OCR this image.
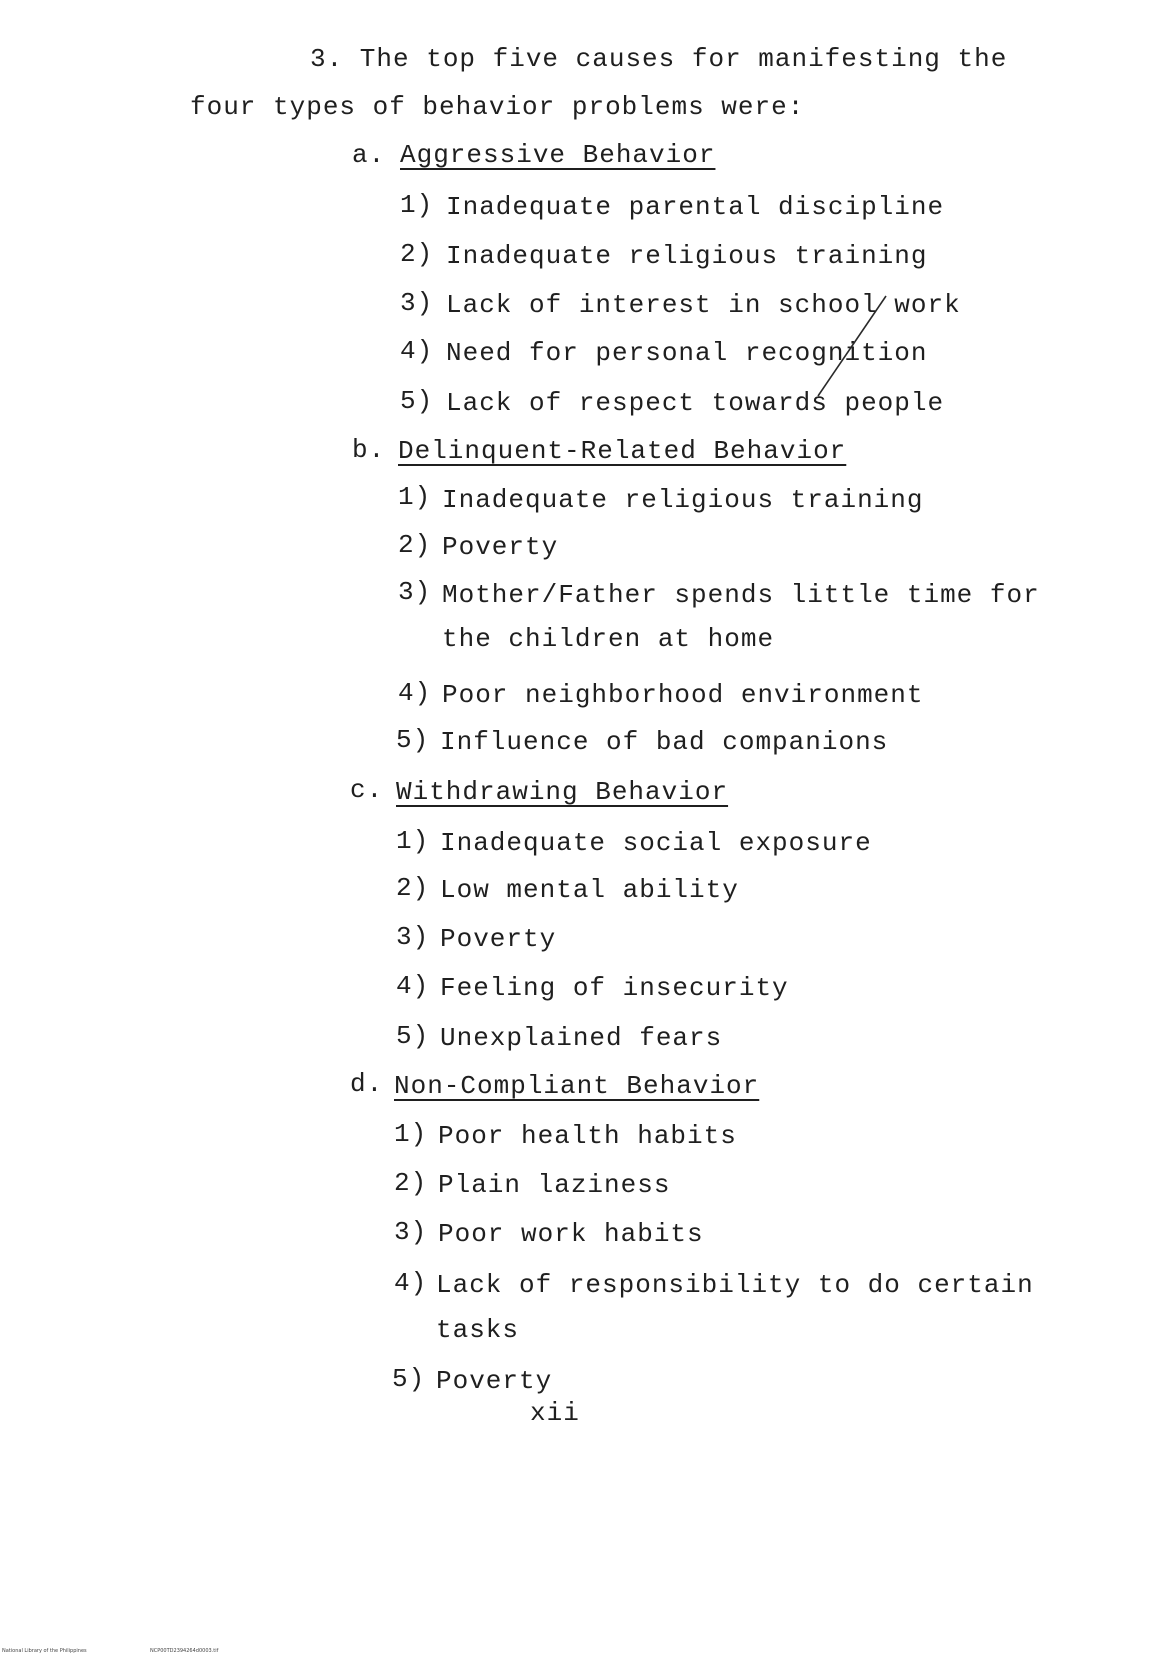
3. The top five causes for manifesting the
four types of behavior problems were:
a. Aggressive Behavior
1) Inadequate parental discipline
2) Inadequate religious training
3) Lack of interest in school work
4) Need for personal recognition
5) Lack of respect towards people
b. Delinquent-Related Behavior
1) Inadequate religious training
2) Poverty
3) Mother/Father spends little time for
the children at home
4) Poor neighborhood environment
5) Influence of bad companions
c. Withdrawing Behavior
1) Inadequate social exposure
2) Low mental ability
3) Poverty
4) Feeling of insecurity
5) Unexplained fears
d. Non-Compliant Behavior
1) Poor health habits
2) Plain laziness
3) Poor work habits
4) Lack of responsibility to do certain
tasks
5) Poverty
xii
National Library of the Philippines	NCP00TD2394264d0003.tif
